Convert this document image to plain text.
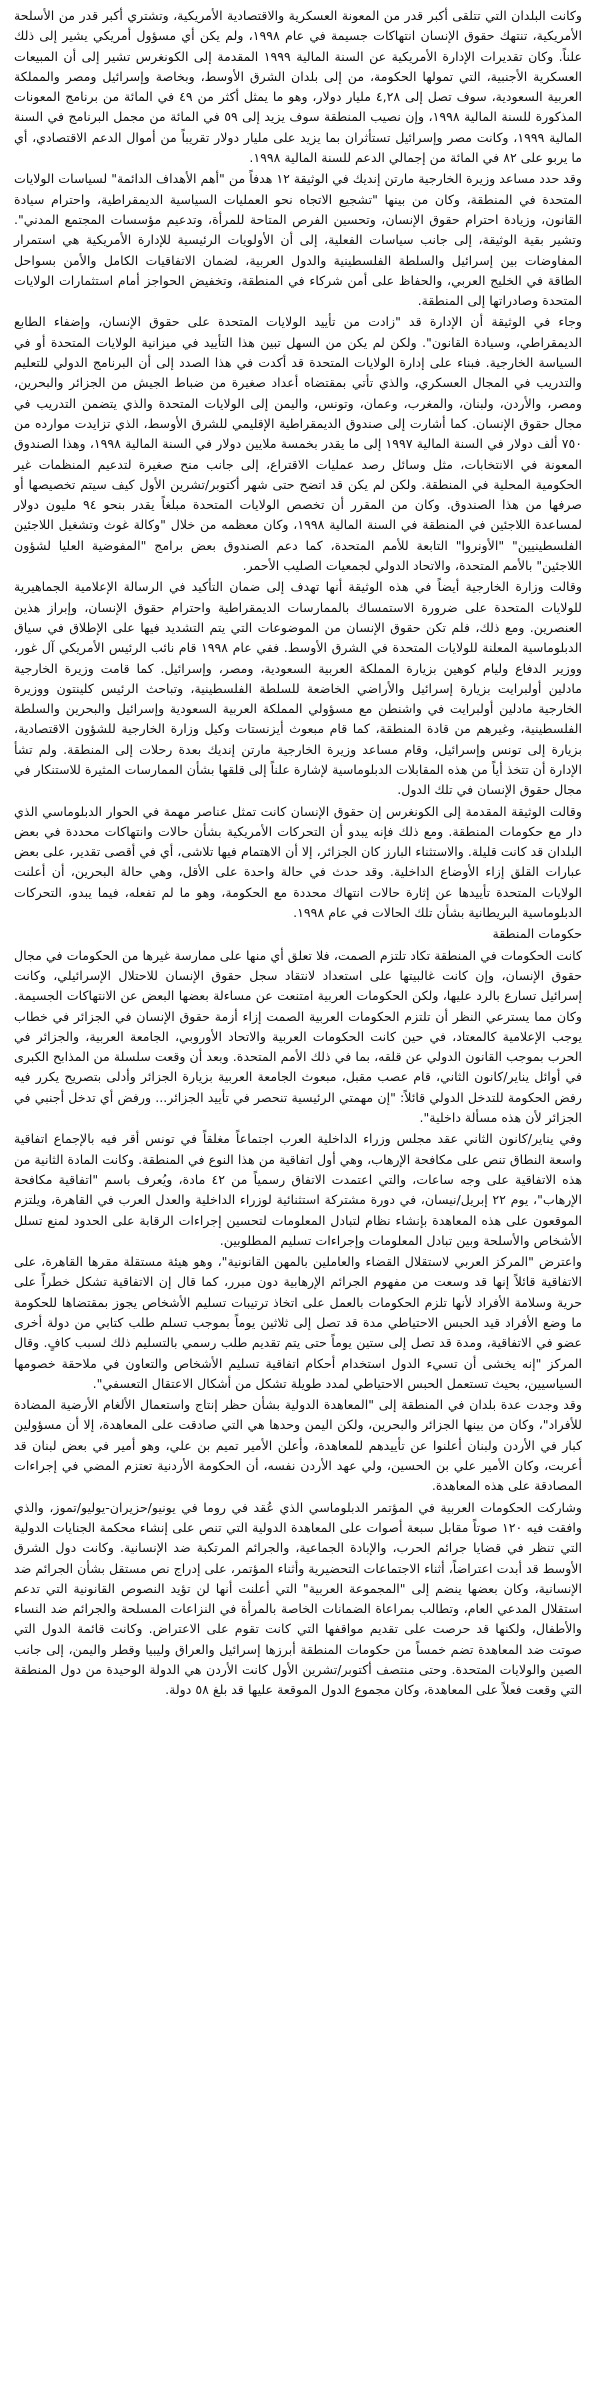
وكانت البلدان التي تتلقى أكبر قدر من المعونة العسكرية والاقتصادية الأمريكية، وتشتري أكبر قدر من الأسلحة الأمريكية، تنتهك حقوق الإنسان انتهاكات جسيمة في عام ١٩٩٨، ولم يكن أي مسؤول أمريكي يشير إلى ذلك علناً. وكان تقديرات الإدارة الأمريكية عن السنة المالية ١٩٩٩ المقدمة إلى الكونغرس تشير إلى أن المبيعات العسكرية الأجنبية، التي تمولها الحكومة، من إلى بلدان الشرق الأوسط، وبخاصة وإسرائيل ومصر والمملكة العربية السعودية، سوف تصل إلى ٤,٢٨ مليار دولار، وهو ما يمثل أكثر من ٤٩ في المائة من برنامج المعونات المذكورة للسنة المالية ١٩٩٨، وإن نصيب المنطقة سوف يزيد إلى ٥٩ في المائة من مجمل البرنامج في السنة المالية ١٩٩٩، وكانت مصر وإسرائيل تستأثران بما يزيد على مليار دولار تقريباً من أموال الدعم الاقتصادي، أي ما يربو على ٨٢ في المائة من إجمالي الدعم للسنة المالية ١٩٩٨.

وقد حدد مساعد وزيرة الخارجية مارتن إنديك في الوثيقة ١٢ هدفاً من "أهم الأهداف الدائمة" لسياسات الولايات المتحدة في المنطقة، وكان من بينها "تشجيع الاتجاه نحو العمليات السياسية الديمقراطية، واحترام سيادة القانون، وزيادة احترام حقوق الإنسان، وتحسين الفرص المتاحة للمرأة، وتدعيم مؤسسات المجتمع المدني". وتشير بقية الوثيقة، إلى جانب سياسات الفعلية، إلى أن الأولويات الرئيسية للإدارة الأمريكية هي استمرار المفاوضات بين إسرائيل والسلطة الفلسطينية والدول العربية، لضمان الاتفاقيات الكامل والأمن بسواحل الطاقة في الخليج العربي، والحفاظ على أمن شركاء في المنطقة، وتخفيض الحواجز أمام استثمارات الولايات المتحدة وصادراتها إلى المنطقة.

وجاء في الوثيقة أن الإدارة قد "زادت من تأييد الولايات المتحدة على حقوق الإنسان، وإضفاء الطابع الديمقراطي، وسيادة القانون". ولكن لم يكن من السهل تبين هذا التأييد في ميزانية الولايات المتحدة أو في السياسة الخارجية. فبناء على إدارة الولايات المتحدة قد أكدت في هذا الصدد إلى أن البرنامج الدولي للتعليم والتدريب في المجال العسكري، والذي تأتي بمقتضاه أعداد صغيرة من ضباط الجيش من الجزائر والبحرين، ومصر، والأردن، ولبنان، والمغرب، وعمان، وتونس، واليمن إلى الولايات المتحدة والذي يتضمن التدريب في مجال حقوق الإنسان. كما أشارت إلى صندوق الديمقراطية الإقليمي للشرق الأوسط، الذي تزايدت موارده من ٧٥٠ ألف دولار في السنة المالية ١٩٩٧ إلى ما يقدر بخمسة ملايين دولار في السنة المالية ١٩٩٨، وهذا الصندوق المعونة في الانتخابات، مثل وسائل رصد عمليات الاقتراع، إلى جانب منح صغيرة لتدعيم المنظمات غير الحكومية المحلية في المنطقة. ولكن لم يكن قد اتضح حتى شهر أكتوبر/تشرين الأول كيف سيتم تخصيصها أو صرفها من هذا الصندوق. وكان من المقرر أن تخصص الولايات المتحدة مبلغاً يقدر بنحو ٩٤ مليون دولار لمساعدة اللاجئين في المنطقة في السنة المالية ١٩٩٨، وكان معظمه من خلال "وكالة غوث وتشغيل اللاجئين الفلسطينيين" "الأونروا" التابعة للأمم المتحدة، كما دعم الصندوق بعض برامج "المفوضية العليا لشؤون اللاجئين" بالأمم المتحدة، والاتحاد الدولي لجمعيات الصليب الأحمر.

وقالت وزارة الخارجية أيضاً في هذه الوثيقة أنها تهدف إلى ضمان التأكيد في الرسالة الإعلامية الجماهيرية للولايات المتحدة على ضرورة الاستمساك بالممارسات الديمقراطية واحترام حقوق الإنسان، وإبراز هذين العنصرين. ومع ذلك، فلم تكن حقوق الإنسان من الموضوعات التي يتم التشديد فيها على الإطلاق في سياق الدبلوماسية المعلنة للولايات المتحدة في الشرق الأوسط. ففي عام ١٩٩٨ قام نائب الرئيس الأمريكي آل غور، ووزير الدفاع وليام كوهين بزيارة المملكة العربية السعودية، ومصر، وإسرائيل. كما قامت وزيرة الخارجية مادلين أولبرايت بزيارة إسرائيل والأراضي الخاضعة للسلطة الفلسطينية، وتباحث الرئيس كلينتون ووزيرة الخارجية مادلين أولبرايت في واشنطن مع مسؤولي المملكة العربية السعودية وإسرائيل والبحرين والسلطة الفلسطينية، وغيرهم من قادة المنطقة، كما قام مبعوث أيزنستات وكيل وزارة الخارجية للشؤون الاقتصادية، بزيارة إلى تونس وإسرائيل، وقام مساعد وزيرة الخارجية مارتن إنديك بعدة رحلات إلى المنطقة. ولم تشأ الإدارة أن تتخذ أياً من هذه المقابلات الدبلوماسية لإشارة علناً إلى قلقها بشأن الممارسات المثيرة للاستنكار في مجال حقوق الإنسان في تلك الدول.

وقالت الوثيقة المقدمة إلى الكونغرس إن حقوق الإنسان كانت تمثل عناصر مهمة في الحوار الدبلوماسي الذي دار مع حكومات المنطقة. ومع ذلك فإنه يبدو أن التحركات الأمريكية بشأن حالات وانتهاكات محددة في بعض البلدان قد كانت قليلة. والاستثناء البارز كان الجزائر، إلا أن الاهتمام فيها تلاشى، أي في أقصى تقدير، على بعض عبارات القلق إزاء الأوضاع الداخلية. وقد حدث في حالة واحدة على الأقل، وهي حالة البحرين، أن أعلنت الولايات المتحدة تأييدها عن إثارة حالات انتهاك محددة مع الحكومة، وهو ما لم تفعله، فيما يبدو، التحركات الدبلوماسية البريطانية بشأن تلك الحالات في عام ١٩٩٨.

حكومات المنطقة

كانت الحكومات في المنطقة تكاد تلتزم الصمت، فلا تعلق أي منها على ممارسة غيرها من الحكومات في مجال حقوق الإنسان، وإن كانت غالبيتها على استعداد لانتقاد سجل حقوق الإنسان للاحتلال الإسرائيلي، وكانت إسرائيل تسارع بالرد عليها، ولكن الحكومات العربية امتنعت عن مساءلة بعضها البعض عن الانتهاكات الجسيمة. وكان مما يسترعي النظر أن تلتزم الحكومات العربية الصمت إزاء أزمة حقوق الإنسان في الجزائر في خطاب يوجب الإعلامية كالمعتاد، في حين كانت الحكومات العربية والاتحاد الأوروبي، الجامعة العربية، والجزائر في الحرب بموجب القانون الدولي عن قلقه، بما في ذلك الأمم المتحدة. وبعد أن وقعت سلسلة من المذابح الكبرى في أوائل يناير/كانون الثاني، قام عصب مقبل، مبعوث الجامعة العربية بزيارة الجزائر وأدلى بتصريح يكرر فيه رفض الحكومة للتدخل الدولي قائلاً: "إن مهمتي الرئيسية تنحصر في تأييد الجزائر... ورفض أي تدخل أجنبي في الجزائر لأن هذه مسألة داخلية".

وفي يناير/كانون الثاني عقد مجلس وزراء الداخلية العرب اجتماعاً مغلقاً في تونس أقر فيه بالإجماع اتفاقية واسعة النطاق تنص على مكافحة الإرهاب، وهي أول اتفاقية من هذا النوع في المنطقة. وكانت المادة الثانية من هذه الاتفاقية على وجه ساعات، والتي اعتمدت الاتفاق رسمياً من ٤٢ مادة، ويُعرف باسم "اتفاقية مكافحة الإرهاب"، يوم ٢٢ إبريل/نيسان، في دورة مشتركة استثنائية لوزراء الداخلية والعدل العرب في القاهرة، ويلتزم الموقعون على هذه المعاهدة بإنشاء نظام لتبادل المعلومات لتحسين إجراءات الرقابة على الحدود لمنع تسلل الأشخاص والأسلحة وبين تبادل المعلومات وإجراءات تسليم المطلوبين.

واعترض "المركز العربي لاستقلال القضاء والعاملين بالمهن القانونية"، وهو هيئة مستقلة مقرها القاهرة، على الاتفاقية قائلاً إنها قد وسعت من مفهوم الجرائم الإرهابية دون مبرر، كما قال إن الاتفاقية تشكل خطراً على حرية وسلامة الأفراد لأنها تلزم الحكومات بالعمل على اتخاذ ترتيبات تسليم الأشخاص يجوز بمقتضاها للحكومة ما وضع الأفراد قيد الحبس الاحتياطي مدة قد تصل إلى ثلاثين يوماً بموجب تسلم طلب كتابي من دولة أخرى عضو في الاتفاقية، ومدة قد تصل إلى ستين يوماً حتى يتم تقديم طلب رسمي بالتسليم ذلك لسبب كافٍ. وقال المركز "إنه يخشى أن تسيء الدول استخدام أحكام اتفاقية تسليم الأشخاص والتعاون في ملاحقة خصومها السياسيين، بحيث تستعمل الحبس الاحتياطي لمدد طويلة تشكل من أشكال الاعتقال التعسفي".

وقد وجدت عدة بلدان في المنطقة إلى "المعاهدة الدولية بشأن حظر إنتاج واستعمال الألغام الأرضية المضادة للأفراد"، وكان من بينها الجزائر والبحرين، ولكن اليمن وحدها هي التي صادقت على المعاهدة، إلا أن مسؤولين كبار في الأردن ولبنان أعلنوا عن تأييدهم للمعاهدة، وأعلن الأمير تميم بن علي، وهو أمير في بعض لبنان قد أعربت، وكان الأمير علي بن الحسين، ولي عهد الأردن نفسه، أن الحكومة الأردنية تعتزم المضي في إجراءات المصادقة على هذه المعاهدة.

وشاركت الحكومات العربية في المؤتمر الدبلوماسي الذي عُقد في روما في يونيو/حزيران-يوليو/تموز، والذي وافقت فيه ١٢٠ صوتاً مقابل سبعة أصوات على المعاهدة الدولية التي تنص على إنشاء محكمة الجنايات الدولية التي تنظر في قضايا جرائم الحرب، والإبادة الجماعية، والجرائم المرتكبة ضد الإنسانية. وكانت دول الشرق الأوسط قد أبدت اعتراضاً، أثناء الاجتماعات التحضيرية وأثناء المؤتمر، على إدراج نص مستقل بشأن الجرائم ضد الإنسانية، وكان بعضها ينضم إلى "المجموعة العربية" التي أعلنت أنها لن تؤيد النصوص القانونية التي تدعم استقلال المدعي العام، وتطالب بمراعاة الضمانات الخاصة بالمرأة في النزاعات المسلحة والجرائم ضد النساء والأطفال، ولكنها قد حرصت على تقديم مواقفها التي كانت تقوم على الاعتراض. وكانت قائمة الدول التي صوتت ضد المعاهدة تضم خمساً من حكومات المنطقة أبرزها إسرائيل والعراق وليبيا وقطر واليمن، إلى جانب الصين والولايات المتحدة. وحتى منتصف أكتوبر/تشرين الأول كانت الأردن هي الدولة الوحيدة من دول المنطقة التي وقعت فعلاً على المعاهدة، وكان مجموع الدول الموقعة عليها قد بلغ ٥٨ دولة.
